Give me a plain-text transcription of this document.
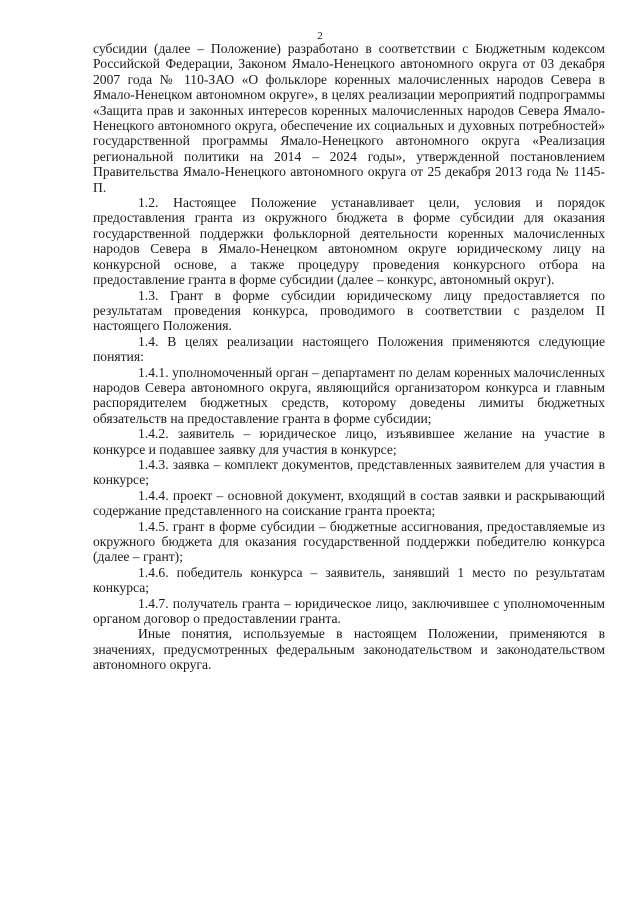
2

субсидии (далее – Положение) разработано в соответствии с Бюджетным кодексом Российской Федерации, Законом Ямало-Ненецкого автономного округа от 03 декабря 2007 года № 110-ЗАО «О фольклоре коренных малочисленных народов Севера в Ямало-Ненецком автономном округе», в целях реализации мероприятий подпрограммы «Защита прав и законных интересов коренных малочисленных народов Севера Ямало-Ненецкого автономного округа, обеспечение их социальных и духовных потребностей» государственной программы Ямало-Ненецкого автономного округа «Реализация региональной политики на 2014 – 2024 годы», утвержденной постановлением Правительства Ямало-Ненецкого автономного округа от 25 декабря 2013 года № 1145-П.

1.2. Настоящее Положение устанавливает цели, условия и порядок предоставления гранта из окружного бюджета в форме субсидии для оказания государственной поддержки фольклорной деятельности коренных малочисленных народов Севера в Ямало-Ненецком автономном округе юридическому лицу на конкурсной основе, а также процедуру проведения конкурсного отбора на предоставление гранта в форме субсидии (далее – конкурс, автономный округ).

1.3. Грант в форме субсидии юридическому лицу предоставляется по результатам проведения конкурса, проводимого в соответствии с разделом II настоящего Положения.

1.4. В целях реализации настоящего Положения применяются следующие понятия:

1.4.1. уполномоченный орган – департамент по делам коренных малочисленных народов Севера автономного округа, являющийся организатором конкурса и главным распорядителем бюджетных средств, которому доведены лимиты бюджетных обязательств на предоставление гранта в форме субсидии;

1.4.2. заявитель – юридическое лицо, изъявившее желание на участие в конкурсе и подавшее заявку для участия в конкурсе;

1.4.3. заявка – комплект документов, представленных заявителем для участия в конкурсе;

1.4.4. проект – основной документ, входящий в состав заявки и раскрывающий содержание представленного на соискание гранта проекта;

1.4.5. грант в форме субсидии – бюджетные ассигнования, предоставляемые из окружного бюджета для оказания государственной поддержки победителю конкурса (далее – грант);

1.4.6. победитель конкурса – заявитель, занявший 1 место по результатам конкурса;

1.4.7. получатель гранта – юридическое лицо, заключившее с уполномоченным органом договор о предоставлении гранта.

Иные понятия, используемые в настоящем Положении, применяются в значениях, предусмотренных федеральным законодательством и законодательством автономного округа.
